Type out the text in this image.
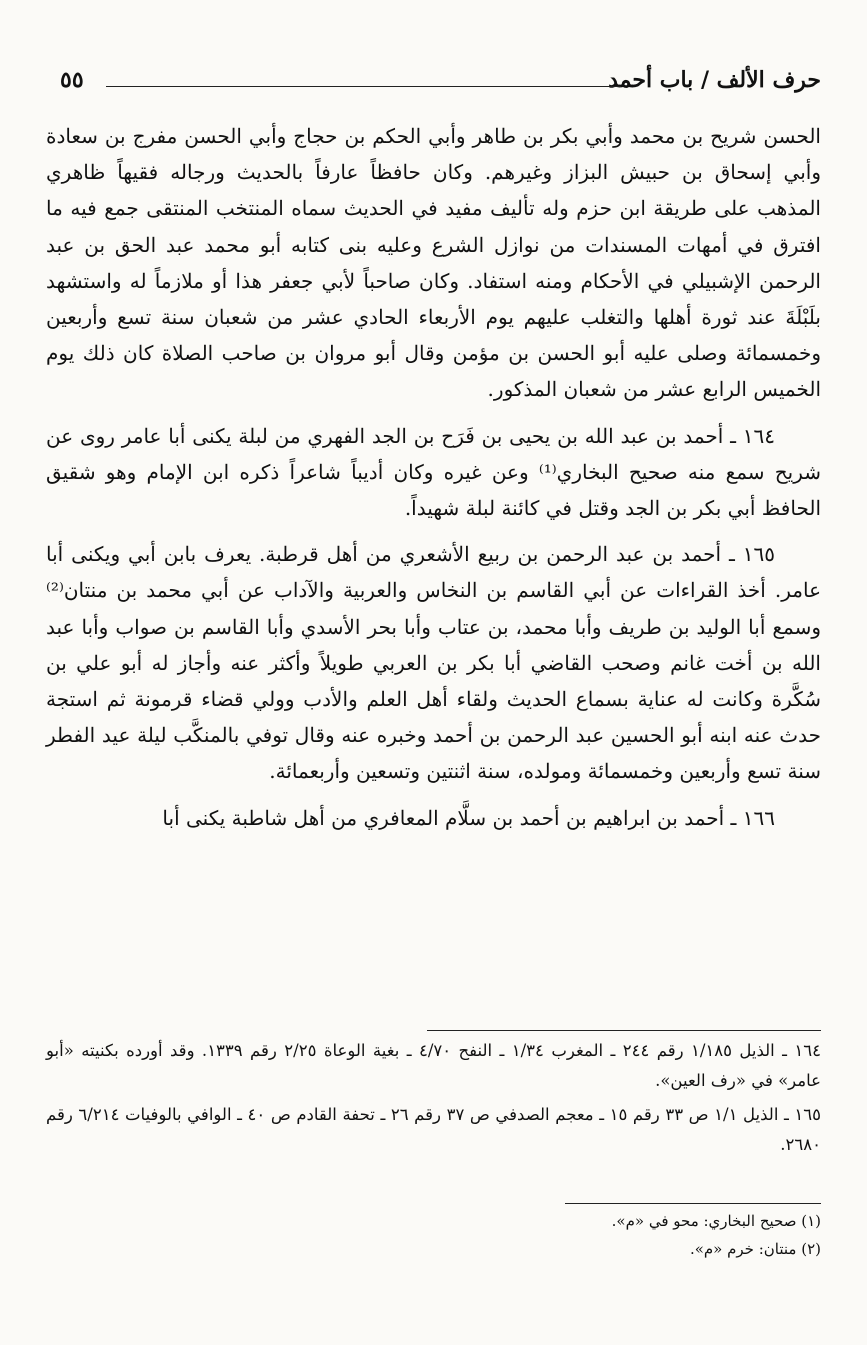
حرف الألف / باب أحمد
٥٥

الحسن شريح بن محمد وأبي بكر بن طاهر وأبي الحكم بن حجاج وأبي الحسن مفرج بن سعادة وأبي إسحاق بن حبيش البزاز وغيرهم. وكان حافظاً عارفاً بالحديث ورجاله فقيهاً ظاهري المذهب على طريقة ابن حزم وله تأليف مفيد في الحديث سماه المنتخب المنتقى جمع فيه ما افترق في أمهات المسندات من نوازل الشرع وعليه بنى كتابه أبو محمد عبد الحق بن عبد الرحمن الإشبيلي في الأحكام ومنه استفاد. وكان صاحباً لأبي جعفر هذا أو ملازماً له واستشهد بلَبْلَةَ عند ثورة أهلها والتغلب عليهم يوم الأربعاء الحادي عشر من شعبان سنة تسع وأربعين وخمسمائة وصلى عليه أبو الحسن بن مؤمن وقال أبو مروان بن صاحب الصلاة كان ذلك يوم الخميس الرابع عشر من شعبان المذكور.

١٦٤ ـ أحمد بن عبد الله بن يحيى بن فَرَح بن الجد الفهري من لبلة يكنى أبا عامر روى عن شريح سمع منه صحيح البخاري⁽¹⁾ وعن غيره وكان أديباً شاعراً ذكره ابن الإمام وهو شقيق الحافظ أبي بكر بن الجد وقتل في كائنة لبلة شهيداً.

١٦٥ ـ أحمد بن عبد الرحمن بن ربيع الأشعري من أهل قرطبة. يعرف بابن أبي ويكنى أبا عامر. أخذ القراءات عن أبي القاسم بن النخاس والعربية والآداب عن أبي محمد بن منتان⁽²⁾ وسمع أبا الوليد بن طريف وأبا محمد، بن عتاب وأبا بحر الأسدي وأبا القاسم بن صواب وأبا عبد الله بن أخت غانم وصحب القاضي أبا بكر بن العربي طويلاً وأكثر عنه وأجاز له أبو علي بن سُكَّرة وكانت له عناية بسماع الحديث ولقاء أهل العلم والأدب وولي قضاء قرمونة ثم استجة حدث عنه ابنه أبو الحسين عبد الرحمن بن أحمد وخبره عنه وقال توفي بالمنكَّب ليلة عيد الفطر سنة تسع وأربعين وخمسمائة ومولده، سنة اثنتين وتسعين وأربعمائة.

١٦٦ ـ أحمد بن ابراهيم بن أحمد بن سلَّام المعافري من أهل شاطبة يكنى أبا

١٦٤ ـ الذيل ١/١٨٥ رقم ٢٤٤ ـ المغرب ١/٣٤ ـ النفح ٤/٧٠ ـ بغية الوعاة ٢/٢٥ رقم ١٣٣٩. وقد أورده بكنيته «أبو عامر» في «رف العين».

١٦٥ ـ الذيل ١/١ ص ٣٣ رقم ١٥ ـ معجم الصدفي ص ٣٧ رقم ٢٦ ـ تحفة القادم ص ٤٠ ـ الوافي بالوفيات ٦/٢١٤ رقم ٢٦٨٠.

(١) صحيح البخاري: محو في «م».

(٢) منتان: خرم «م».
